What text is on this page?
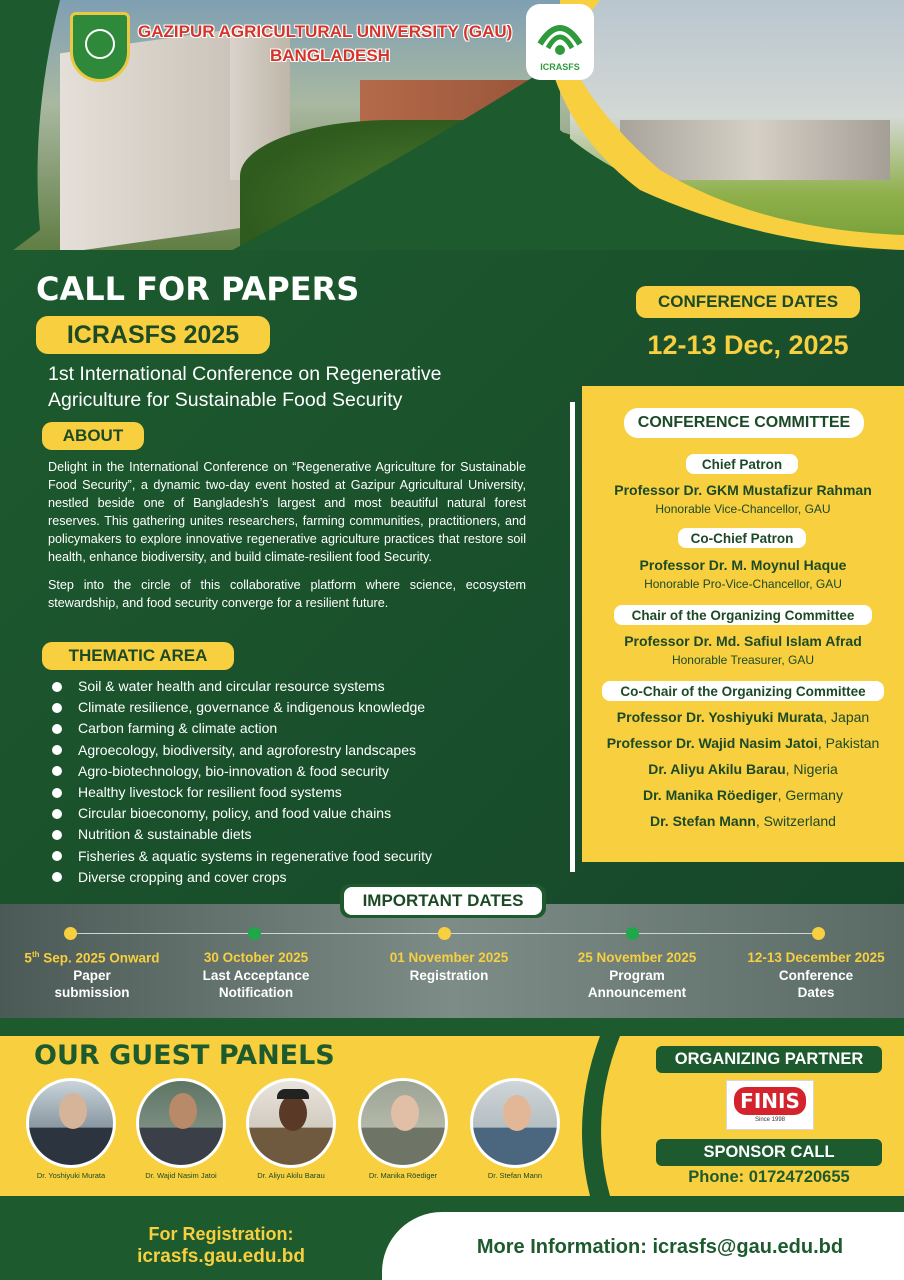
GAZIPUR AGRICULTURAL UNIVERSITY (GAU)
BANGLADESH
ICRASFS
CALL FOR PAPERS
ICRASFS 2025
1st International Conference on Regenerative
Agriculture for Sustainable Food Security
CONFERENCE DATES
12-13 Dec, 2025
ABOUT

Delight in the International Conference on “Regenerative Agriculture for Sustainable Food Security”, a dynamic two-day event hosted at Gazipur Agricultural University, nestled beside one of Bangladesh’s largest and most beautiful natural forest reserves. This gathering unites researchers, farming communities, practitioners, and policymakers to explore innovative regenerative agriculture practices that restore soil health, enhance biodiversity, and build climate-resilient food Security.

Step into the circle of this collaborative platform where science, ecosystem stewardship, and food security converge for a resilient future.

THEMATIC AREA
Soil & water health and circular resource systems
Climate resilience, governance & indigenous knowledge
Carbon farming & climate action
Agroecology, biodiversity, and agroforestry landscapes
Agro-biotechnology, bio-innovation & food security
Healthy livestock for resilient food systems
Circular bioeconomy, policy, and food value chains
Nutrition & sustainable diets
Fisheries & aquatic systems in regenerative food security
Diverse cropping and cover crops
CONFERENCE COMMITTEE
Chief Patron
Professor Dr. GKM Mustafizur Rahman
Honorable Vice-Chancellor, GAU
Co-Chief Patron
Professor Dr. M. Moynul Haque
Honorable Pro-Vice-Chancellor, GAU
Chair of the Organizing Committee
Professor Dr. Md. Safiul Islam Afrad
Honorable Treasurer, GAU
Co-Chair of the Organizing Committee
Professor Dr. Yoshiyuki Murata, Japan
Professor Dr. Wajid Nasim Jatoi, Pakistan
Dr. Aliyu Akilu Barau, Nigeria
Dr. Manika Röediger, Germany
Dr. Stefan Mann, Switzerland
5th Sep. 2025 Onward
Paper
submission
30 October 2025
Last Acceptance
Notification
01 November 2025
Registration
25 November 2025
Program
Announcement
12-13 December 2025
Conference
Dates
IMPORTANT DATES
OUR GUEST PANELS
Dr. Yoshiyuki Murata	Dr. Wajid Nasim Jatoi	Dr. Aliyu Akilu Barau	Dr. Manika Röediger	Dr. Stefan Mann
ORGANIZING PARTNER
FINIS
Since 1998
SPONSOR CALL
Phone: 01724720655
For Registration:
icrasfs.gau.edu.bd	More Information: icrasfs@gau.edu.bd
